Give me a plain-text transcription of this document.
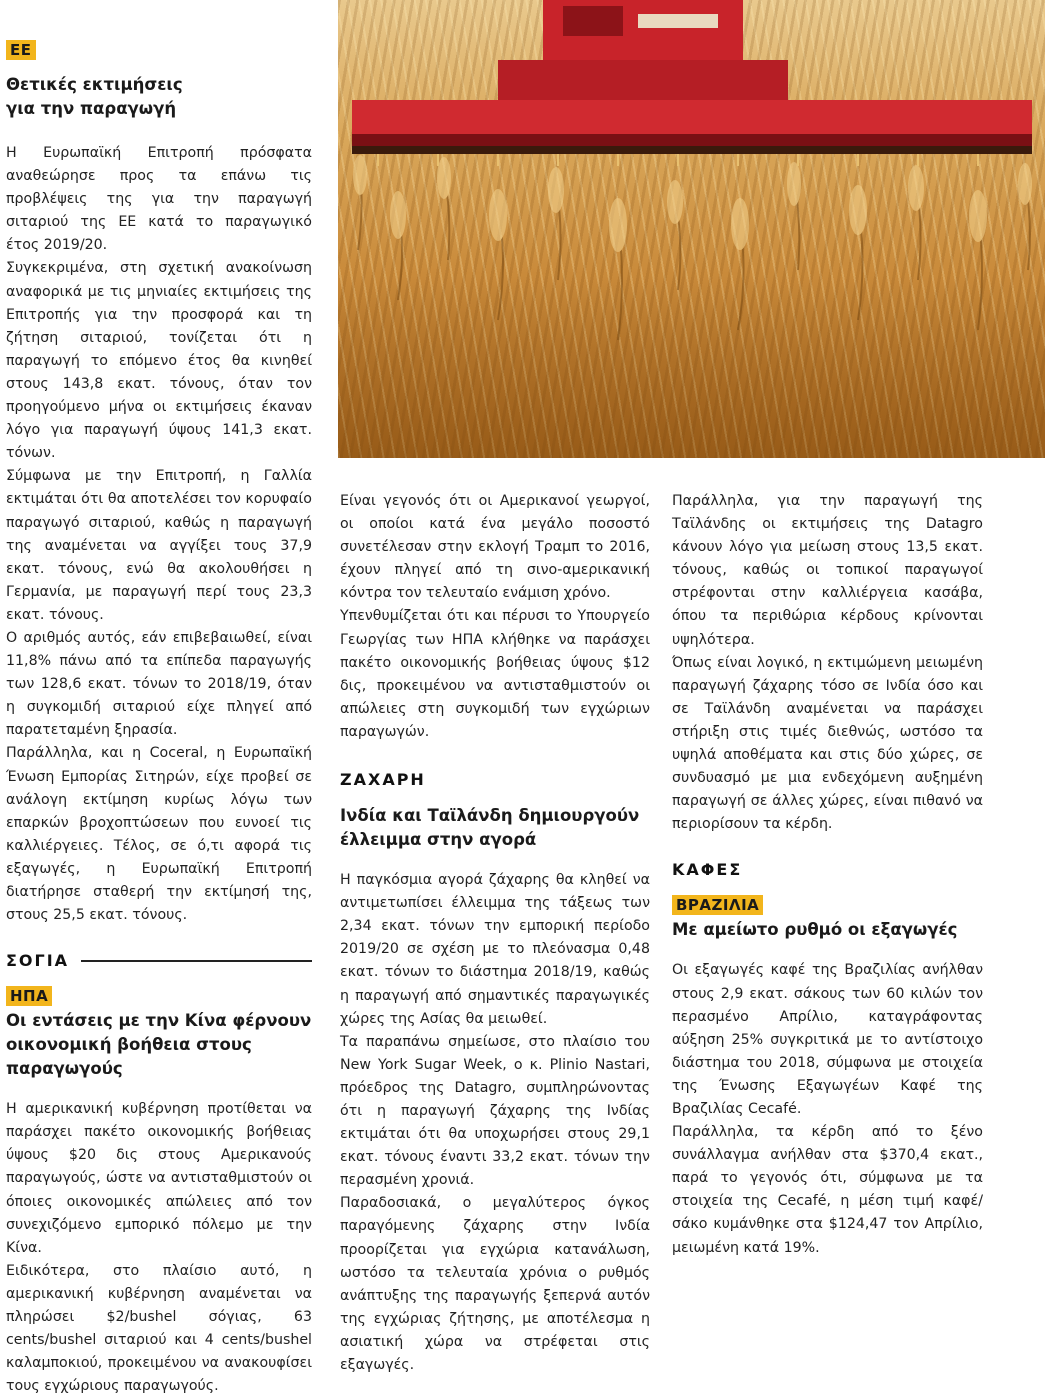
ΕΕ
Θετικές εκτιμήσεις
για την παραγωγή

Η Ευρωπαϊκή Επιτροπή πρόσφατα αναθεώρησε προς τα επάνω τις προβλέψεις της για την παραγωγή σιταριού της ΕΕ κατά το παραγωγικό έτος 2019/20.

Συγκεκριμένα, στη σχετική ανακοίνωση αναφορικά με τις μηνιαίες εκτιμήσεις της Επιτροπής για την προσφορά και τη ζήτηση σιταριού, τονίζεται ότι η παραγωγή το επόμενο έτος θα κινηθεί στους 143,8 εκατ. τόνους, όταν τον προηγούμενο μήνα οι εκτιμήσεις έκαναν λόγο για παραγωγή ύψους 141,3 εκατ. τόνων.

Σύμφωνα με την Επιτροπή, η Γαλλία εκτιμάται ότι θα αποτελέσει τον κορυφαίο παραγωγό σιταριού, καθώς η παραγωγή της αναμένεται να αγγίξει τους 37,9 εκατ. τόνους, ενώ θα ακολουθήσει η Γερμανία, με παραγωγή περί τους 23,3 εκατ. τόνους.

Ο αριθμός αυτός, εάν επιβεβαιωθεί, είναι 11,8% πάνω από τα επίπεδα παραγωγής των 128,6 εκατ. τόνων το 2018/19, όταν η συγκομιδή σιταριού είχε πληγεί από παρατεταμένη ξηρασία.

Παράλληλα, και η Coceral, η Ευρωπαϊκή Ένωση Εμπορίας Σιτηρών, είχε προβεί σε ανάλογη εκτίμηση κυρίως λόγω των επαρκών βροχοπτώσεων που ευνοεί τις καλλιέργειες. Τέλος, σε ό,τι αφορά τις εξαγωγές, η Ευρωπαϊκή Επιτροπή διατήρησε σταθερή την εκτίμησή της, στους 25,5 εκατ. τόνους.

ΣΟΓΙΑ
ΗΠΑ
Οι εντάσεις με την Κίνα φέρνουν
οικονομική βοήθεια στους
παραγωγούς

Η αμερικανική κυβέρνηση προτίθεται να παράσχει πακέτο οικονομικής βοήθειας ύψους $20 δις στους Αμερικανούς παραγωγούς, ώστε να αντισταθμιστούν οι όποιες οικονομικές απώλειες από τον συνεχιζόμενο εμπορικό πόλεμο με την Κίνα.

Ειδικότερα, στο πλαίσιο αυτό, η αμερικανική κυβέρνηση αναμένεται να πληρώσει $2/bushel σόγιας, 63 cents/bushel σιταριού και 4 cents/bushel καλαμποκιού, προκειμένου να ανακουφίσει τους εγχώριους παραγωγούς.

Είναι γεγονός ότι οι Αμερικανοί γεωργοί, οι οποίοι κατά ένα μεγάλο ποσοστό συνετέλεσαν στην εκλογή Τραμπ το 2016, έχουν πληγεί από τη σινο-αμερικανική κόντρα τον τελευταίο ενάμιση χρόνο.

Υπενθυμίζεται ότι και πέρυσι το Υπουργείο Γεωργίας των ΗΠΑ κλήθηκε να παράσχει πακέτο οικονομικής βοήθειας ύψους $12 δις, προκειμένου να αντισταθμιστούν οι απώλειες στη συγκομιδή των εγχώριων παραγωγών.

ΖΑΧΑΡΗ
Ινδία και Ταϊλάνδη δημιουργούν
έλλειμμα στην αγορά

Η παγκόσμια αγορά ζάχαρης θα κληθεί να αντιμετωπίσει έλλειμμα της τάξεως των 2,34 εκατ. τόνων την εμπορική περίοδο 2019/20 σε σχέση με το πλεόνασμα 0,48 εκατ. τόνων το διάστημα 2018/19, καθώς η παραγωγή από σημαντικές παραγωγικές χώρες της Ασίας θα μειωθεί.

Τα παραπάνω σημείωσε, στο πλαίσιο του New York Sugar Week, ο κ. Plinio Nastari, πρόεδρος της Datagro, συμπληρώνοντας ότι η παραγωγή ζάχαρης της Ινδίας εκτιμάται ότι θα υποχωρήσει στους 29,1 εκατ. τόνους έναντι 33,2 εκατ. τόνων την περασμένη χρονιά.

Παραδοσιακά, ο μεγαλύτερος όγκος παραγόμενης ζάχαρης στην Ινδία προορίζεται για εγχώρια κατανάλωση, ωστόσο τα τελευταία χρόνια ο ρυθμός ανάπτυξης της παραγωγής ξεπερνά αυτόν της εγχώριας ζήτησης, με αποτέλεσμα η ασιατική χώρα να στρέφεται στις εξαγωγές.

Παράλληλα, για την παραγωγή της Ταϊλάνδης οι εκτιμήσεις της Datagro κάνουν λόγο για μείωση στους 13,5 εκατ. τόνους, καθώς οι τοπικοί παραγωγοί στρέφονται στην καλλιέργεια κασάβα, όπου τα περιθώρια κέρδους κρίνονται υψηλότερα.

Όπως είναι λογικό, η εκτιμώμενη μειωμένη παραγωγή ζάχαρης τόσο σε Ινδία όσο και σε Ταϊλάνδη αναμένεται να παράσχει στήριξη στις τιμές διεθνώς, ωστόσο τα υψηλά αποθέματα και στις δύο χώρες, σε συνδυασμό με μια ενδεχόμενη αυξημένη παραγωγή σε άλλες χώρες, είναι πιθανό να περιορίσουν τα κέρδη.

ΚΑΦΕΣ
ΒΡΑΖΙΛΙΑ
Με αμείωτο ρυθμό οι εξαγωγές

Οι εξαγωγές καφέ της Βραζιλίας ανήλθαν στους 2,9 εκατ. σάκους των 60 κιλών τον περασμένο Απρίλιο, καταγράφοντας αύξηση 25% συγκριτικά με το αντίστοιχο διάστημα του 2018, σύμφωνα με στοιχεία της Ένωσης Εξαγωγέων Καφέ της Βραζιλίας Cecafé.

Παράλληλα, τα κέρδη από το ξένο συνάλλαγμα ανήλθαν στα $370,4 εκατ., παρά το γεγονός ότι, σύμφωνα με τα στοιχεία της Cecafé, η μέση τιμή καφέ/σάκο κυμάνθηκε στα $124,47 τον Απρίλιο, μειωμένη κατά 19%.
